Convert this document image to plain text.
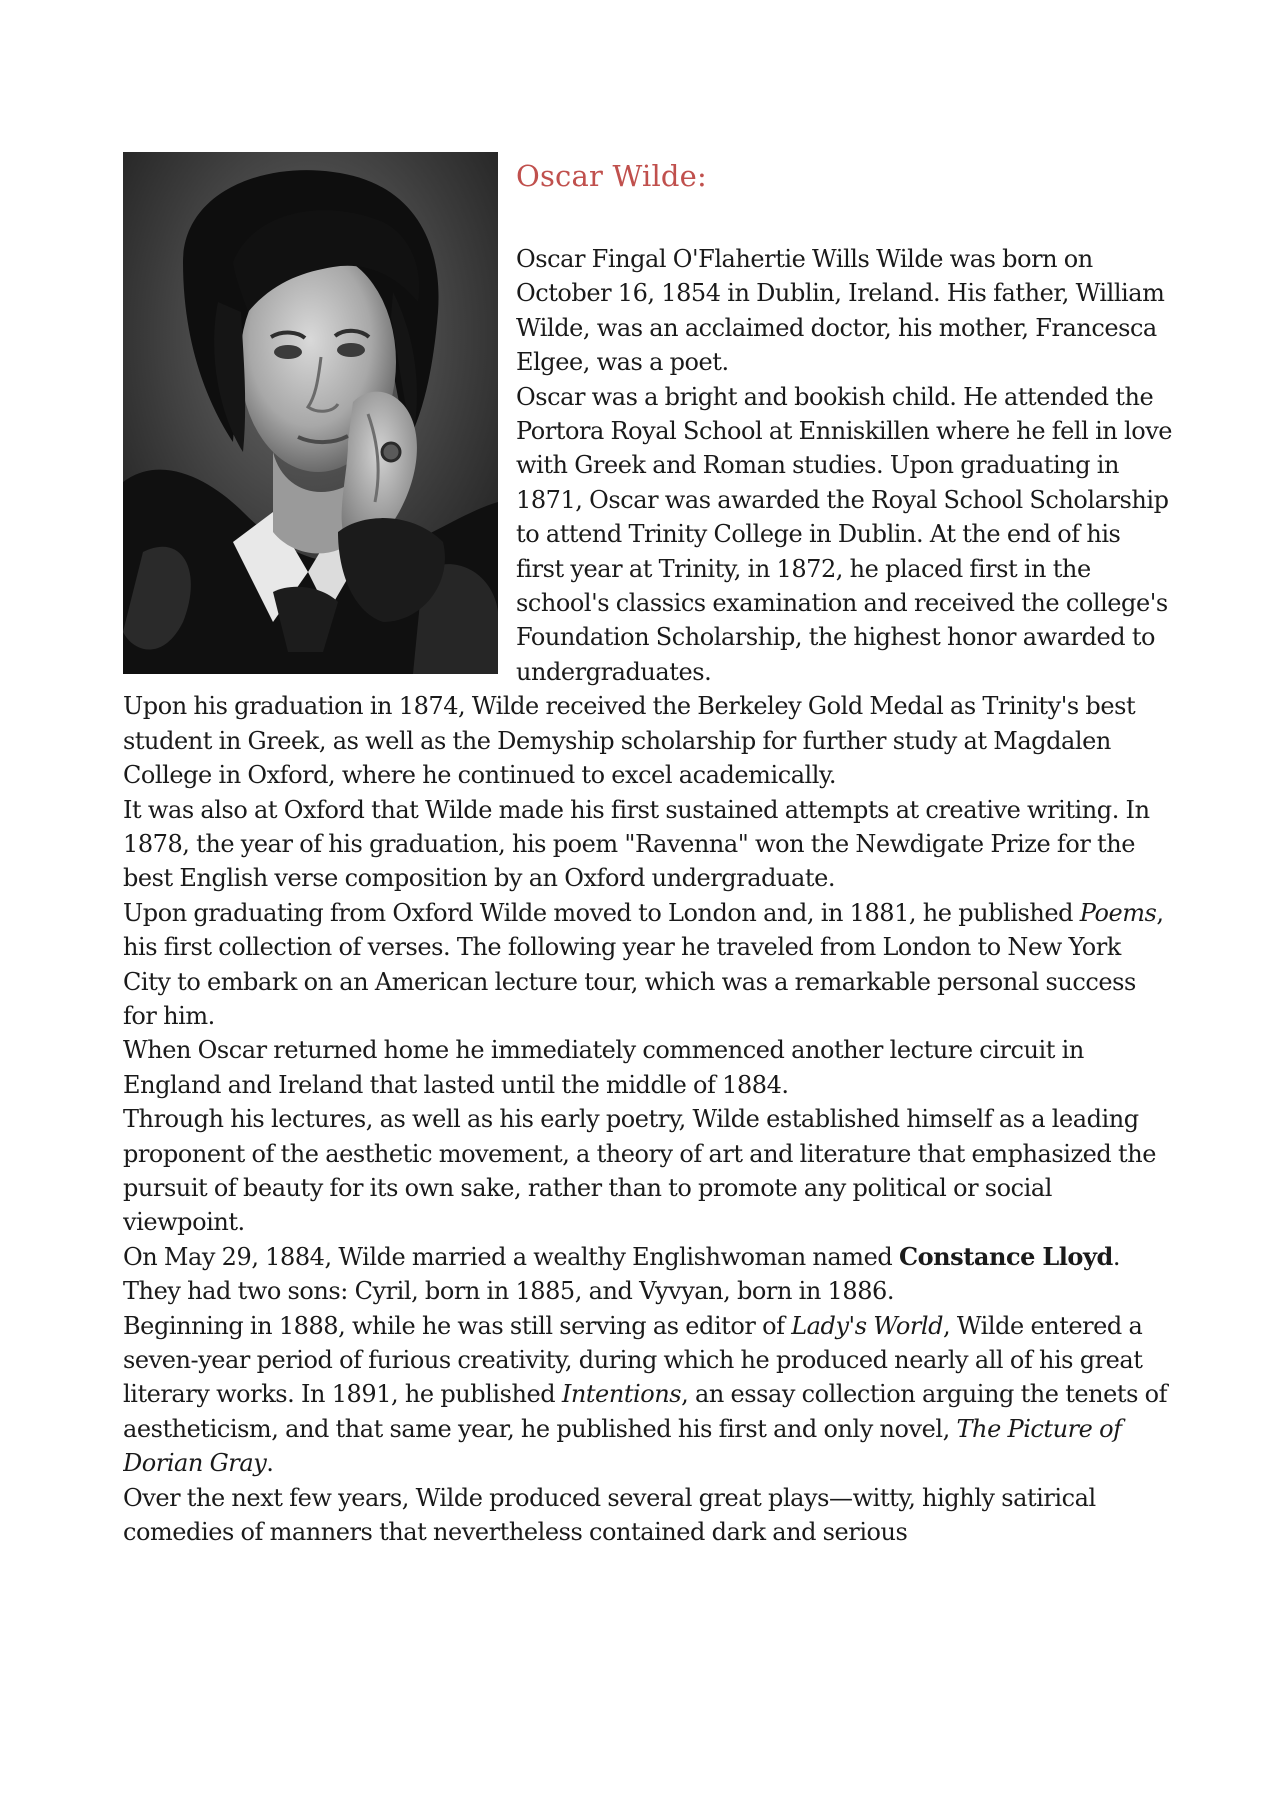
Oscar Wilde:

Oscar Fingal O'Flahertie Wills Wilde was born on October 16, 1854 in Dublin, Ireland. His father, William Wilde, was an acclaimed doctor, his mother, Francesca Elgee, was a poet.

Oscar was a bright and bookish child. He attended the Portora Royal School at Enniskillen where he fell in love with Greek and Roman studies. Upon graduating in 1871, Oscar was awarded the Royal School Scholarship to attend Trinity College in Dublin. At the end of his first year at Trinity, in 1872, he placed first in the school's classics examination and received the college's Foundation Scholarship, the highest honor awarded to undergraduates.

Upon his graduation in 1874, Wilde received the Berkeley Gold Medal as Trinity's best student in Greek, as well as the Demyship scholarship for further study at Magdalen College in Oxford, where he continued to excel academically.

It was also at Oxford that Wilde made his first sustained attempts at creative writing. In 1878, the year of his graduation, his poem "Ravenna" won the Newdigate Prize for the best English verse composition by an Oxford undergraduate.

Upon graduating from Oxford Wilde moved to London and, in 1881, he published Poems, his first collection of verses. The following year he traveled from London to New York City to embark on an American lecture tour, which was a remarkable personal success for him.

When Oscar returned home he immediately commenced another lecture circuit in England and Ireland that lasted until the middle of 1884.

Through his lectures, as well as his early poetry, Wilde established himself as a leading proponent of the aesthetic movement, a theory of art and literature that emphasized the pursuit of beauty for its own sake, rather than to promote any political or social viewpoint.

On May 29, 1884, Wilde married a wealthy Englishwoman named Constance Lloyd. They had two sons: Cyril, born in 1885, and Vyvyan, born in 1886.

Beginning in 1888, while he was still serving as editor of Lady's World, Wilde entered a seven-year period of furious creativity, during which he produced nearly all of his great literary works. In 1891, he published Intentions, an essay collection arguing the tenets of aestheticism, and that same year, he published his first and only novel, The Picture of Dorian Gray.

Over the next few years, Wilde produced several great plays—witty, highly satirical comedies of manners that nevertheless contained dark and serious
